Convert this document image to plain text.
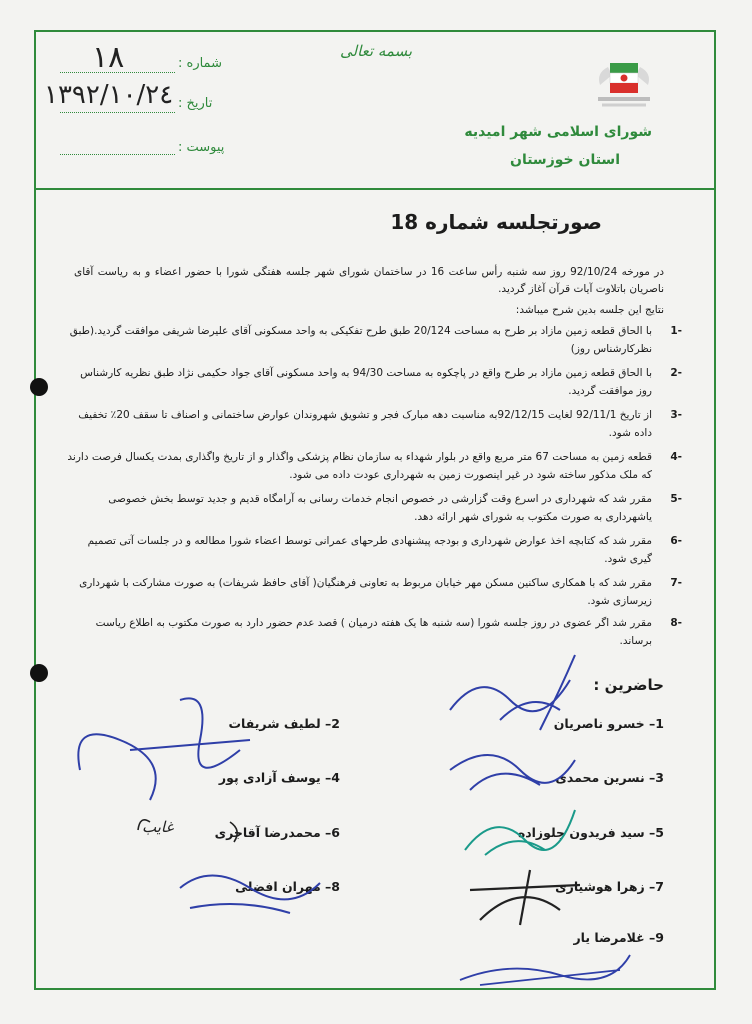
شماره :
١٨
تاریخ :
١٣٩٢/١٠/٢٤
پیوست :
بسمه تعالی
شورای اسلامی شهر امیدیه
استان خوزستان
صورتجلسه شماره 18
در مورخه 92/10/24 روز سه شنبه رأس ساعت 16 در ساختمان شورای شهر جلسه هفتگی شورا با حضور اعضاء و به ریاست آقای ناصریان باتلاوت آیات قرآن آغاز گردید.
نتایج این جلسه بدین شرح میباشد:
-1
با الحاق قطعه زمین مازاد بر طرح به مساحت 20/124 طبق طرح تفکیکی به واحد مسکونی آقای علیرضا شریفی موافقت گردید.(طبق نظرکارشناس روز)
-2
با الحاق قطعه زمین مازاد بر طرح واقع در پاچکوه به مساحت 94/30 به واحد مسکونی آقای جواد حکیمی نژاد طبق نظریه کارشناس روز موافقت گردید.
-3
از تاریخ 92/11/1 لغایت 92/12/15به مناسبت دهه مبارک فجر و تشویق شهروندان عوارض ساختمانی و اصناف تا سقف 20٪ تخفیف داده شود.
-4
قطعه زمین به مساحت 67 متر مربع واقع در بلوار شهداء به سازمان نظام پزشکی واگذار و از تاریخ واگذاری بمدت یکسال فرصت دارند که ملک مذکور ساخته شود در غیر اینصورت زمین به شهرداری عودت داده می شود.
-5
مقرر شد که شهرداری در اسرع وقت گزارشی در خصوص انجام خدمات رسانی به آرامگاه قدیم و جدید توسط بخش خصوصی یاشهرداری به صورت مکتوب به شورای شهر ارائه دهد.
-6
مقرر شد که کتابچه اخذ عوارض شهرداری و بودجه پیشنهادی طرحهای عمرانی توسط اعضاء شورا مطالعه و در جلسات آتی تصمیم گیری شود.
-7
مقرر شد که با همکاری ساکنین مسکن مهر خیابان مربوط به تعاونی فرهنگیان( آقای حافظ شریفات) به صورت مشارکت با شهرداری زیرسازی شود.
-8
مقرر شد اگر عضوی در روز جلسه شورا (سه شنبه ها یک هفته درمیان ) قصد عدم حضور دارد به صورت مکتوب به اطلاع ریاست برساند.
حاضرین :
1– خسرو ناصریان
2– لطیف شریفات
3– نسرین محمدی
4– یوسف آزادی پور
5– سید فریدون جلوزاده
6– محمدرضا آقاجری
7– زهرا هوشیاری
8– مهران افضلی
9– غلامرضا یار
غایب
